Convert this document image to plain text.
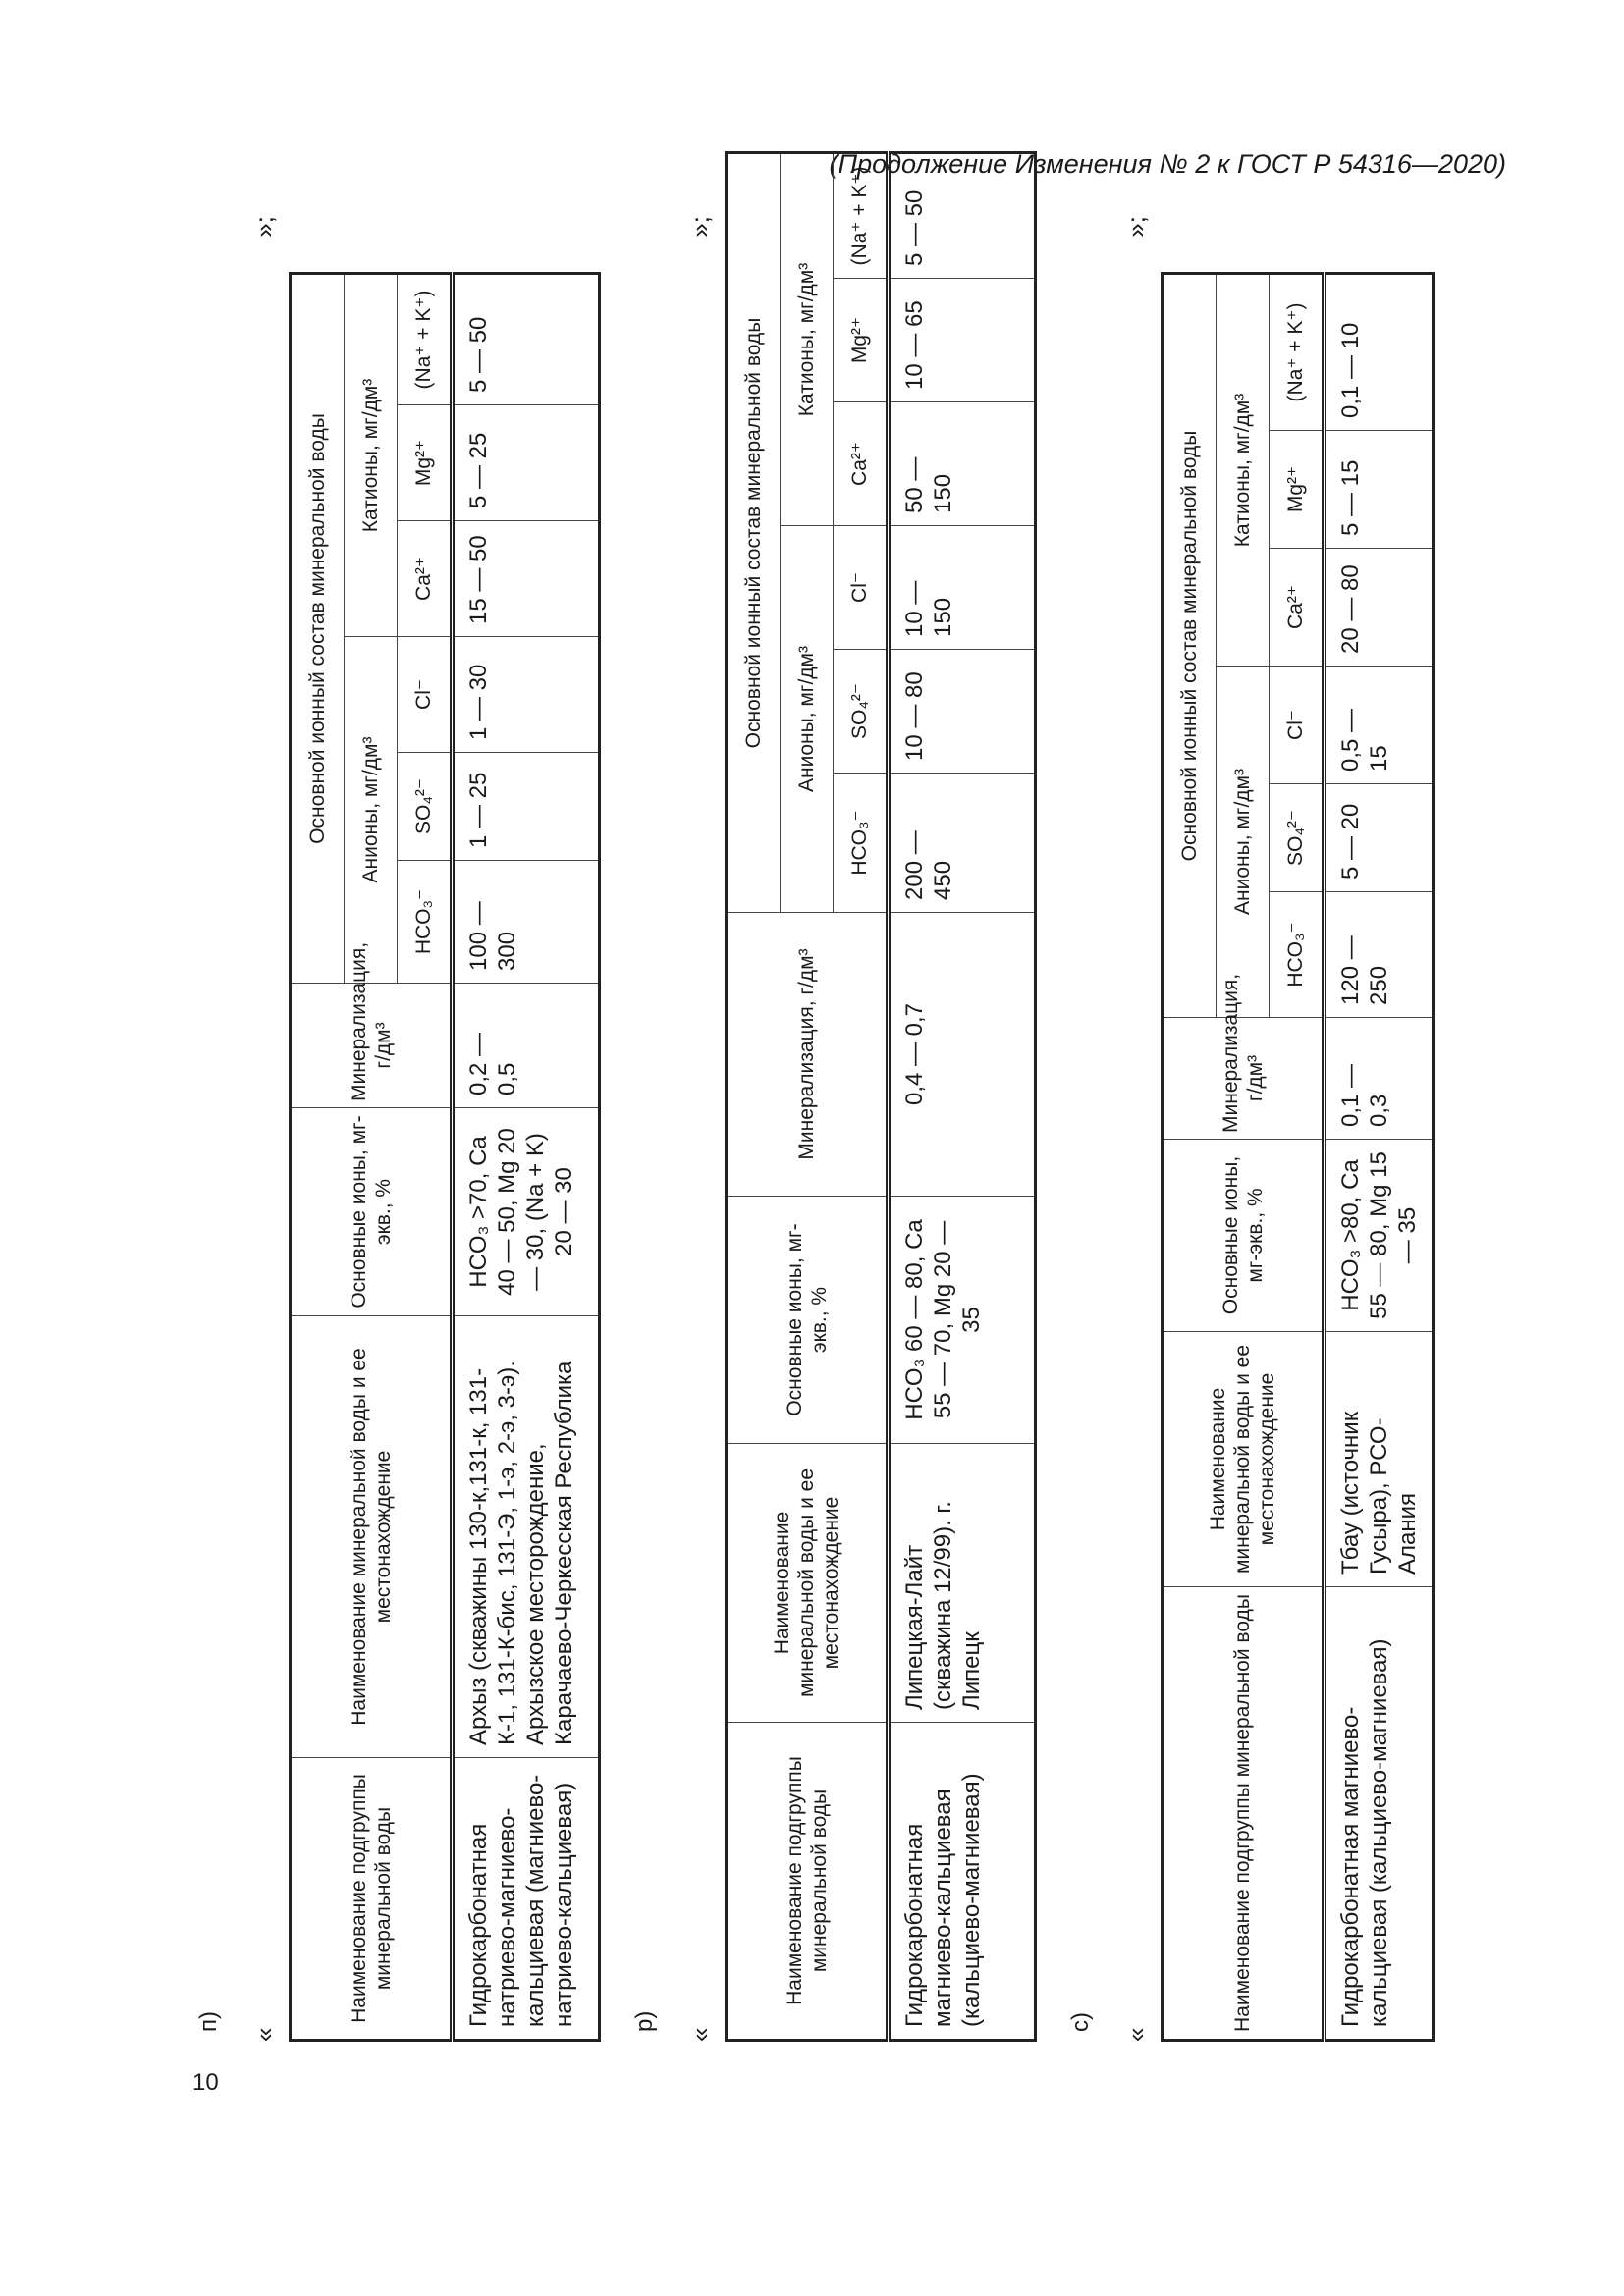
(Продолжение Изменения № 2 к ГОСТ Р 54316—2020)
10
п)
«
»;
Наименование подгруппы минеральной воды	Наименование минеральной воды и ее местонахождение	Основные ионы, мг-экв., %	Минерализация, г/дм³	Основной ионный состав минеральной воды					
				Анионы, мг/дм³			Катионы, мг/дм³		
				HCO₃⁻	SO₄²⁻	Cl⁻	Ca²⁺	Mg²⁺	(Na⁺ + K⁺)
Гидрокарбонатная натриево-магниево-кальциевая (магниево-натриево-кальциевая)	Архыз (скважины 130-к,131-к, 131-К-1, 131-К-бис, 131-Э, 1-э, 2-э, 3-э). Архызское месторождение, Карачаево-Черкесская Республика	HCO₃ >70, Ca 40 — 50, Mg 20 — 30, (Na + K) 20 — 30	0,2 — 0,5	100 — 300	1 — 25	1 — 30	15 — 50	5 — 25	5 — 50
р)
«
»;
Наименование подгруппы минеральной воды	Наименование минеральной воды и ее местонахождение	Основные ионы, мг-экв., %	Минерализация, г/дм³	Основной ионный состав минеральной воды					
				Анионы, мг/дм³			Катионы, мг/дм³		
				HCO₃⁻	SO₄²⁻	Cl⁻	Ca²⁺	Mg²⁺	(Na⁺ + K⁺)
Гидрокарбонатная магниево-кальциевая (кальциево-магниевая)	Липецкая-Лайт (скважина 12/99). г. Липецк	HCO₃ 60 — 80, Ca 55 — 70, Mg 20 — 35	0,4 — 0,7	200 — 450	10 — 80	10 — 150	50 — 150	10 — 65	5 — 50
с)
«
»;
Наименование подгруппы минеральной воды	Наименование минеральной воды и ее местонахождение	Основные ионы, мг-экв., %	Минерализация, г/дм³	Основной ионный состав минеральной воды					
				Анионы, мг/дм³			Катионы, мг/дм³		
				HCO₃⁻	SO₄²⁻	Cl⁻	Ca²⁺	Mg²⁺	(Na⁺ + K⁺)
Гидрокарбонатная магниево-кальциевая (кальциево-магниевая)	Тбау (источник Гусыра), РСО-Алания	HCO₃ >80, Ca 55 — 80, Mg 15 — 35	0,1 — 0,3	120 — 250	5 — 20	0,5 — 15	20 — 80	5 — 15	0,1 — 10
